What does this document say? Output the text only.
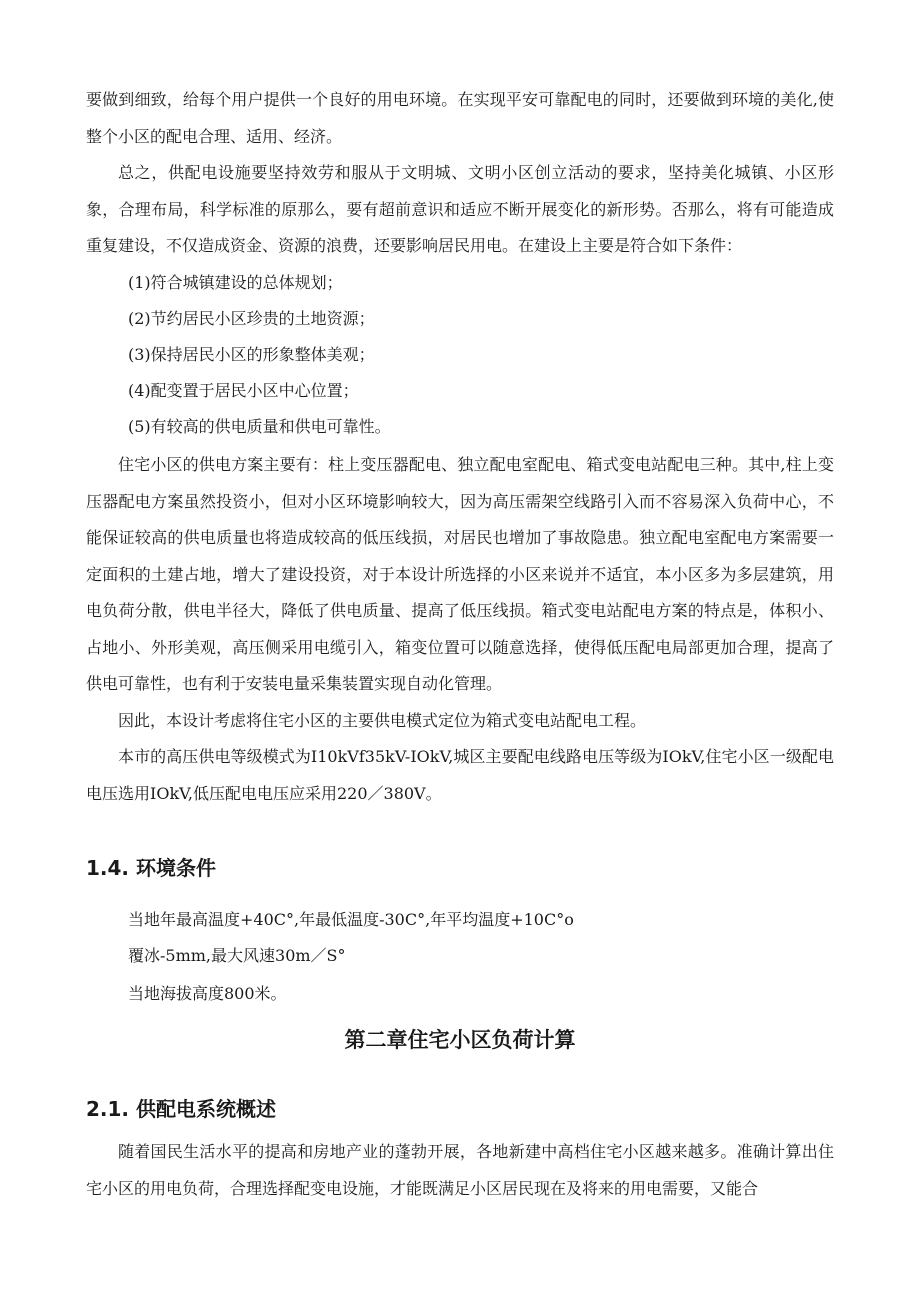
要做到细致，给每个用户提供一个良好的用电环境。在实现平安可靠配电的同时，还要做到环境的美化,使整个小区的配电合理、适用、经济。

总之，供配电设施要坚持效劳和服从于文明城、文明小区创立活动的要求，坚持美化城镇、小区形象，合理布局，科学标准的原那么，要有超前意识和适应不断开展变化的新形势。否那么，将有可能造成重复建设，不仅造成资金、资源的浪费，还要影响居民用电。在建设上主要是符合如下条件：

(1)符合城镇建设的总体规划；

(2)节约居民小区珍贵的土地资源；

(3)保持居民小区的形象整体美观；

(4)配变置于居民小区中心位置；

(5)有较高的供电质量和供电可靠性。

住宅小区的供电方案主要有：柱上变压器配电、独立配电室配电、箱式变电站配电三种。其中,柱上变压器配电方案虽然投资小，但对小区环境影响较大，因为高压需架空线路引入而不容易深入负荷中心，不能保证较高的供电质量也将造成较高的低压线损，对居民也增加了事故隐患。独立配电室配电方案需要一定面积的土建占地，增大了建设投资，对于本设计所选择的小区来说并不适宜，本小区多为多层建筑，用电负荷分散，供电半径大，降低了供电质量、提高了低压线损。箱式变电站配电方案的特点是，体积小、占地小、外形美观，高压侧采用电缆引入，箱变位置可以随意选择，使得低压配电局部更加合理，提高了供电可靠性，也有利于安装电量采集装置实现自动化管理。

因此，本设计考虑将住宅小区的主要供电模式定位为箱式变电站配电工程。

本市的高压供电等级模式为I10kVf35kV-IOkV,城区主要配电线路电压等级为IOkV,住宅小区一级配电电压选用IOkV,低压配电电压应采用220／380V。

1.4. 环境条件

当地年最高温度+40C°,年最低温度-30C°,年平均温度+10C°o

覆冰-5mm,最大风速30m／S°

当地海拔高度800米。

第二章住宅小区负荷计算
2.1. 供配电系统概述

随着国民生活水平的提高和房地产业的蓬勃开展，各地新建中高档住宅小区越来越多。准确计算出住宅小区的用电负荷，合理选择配变电设施，才能既满足小区居民现在及将来的用电需要，又能合
